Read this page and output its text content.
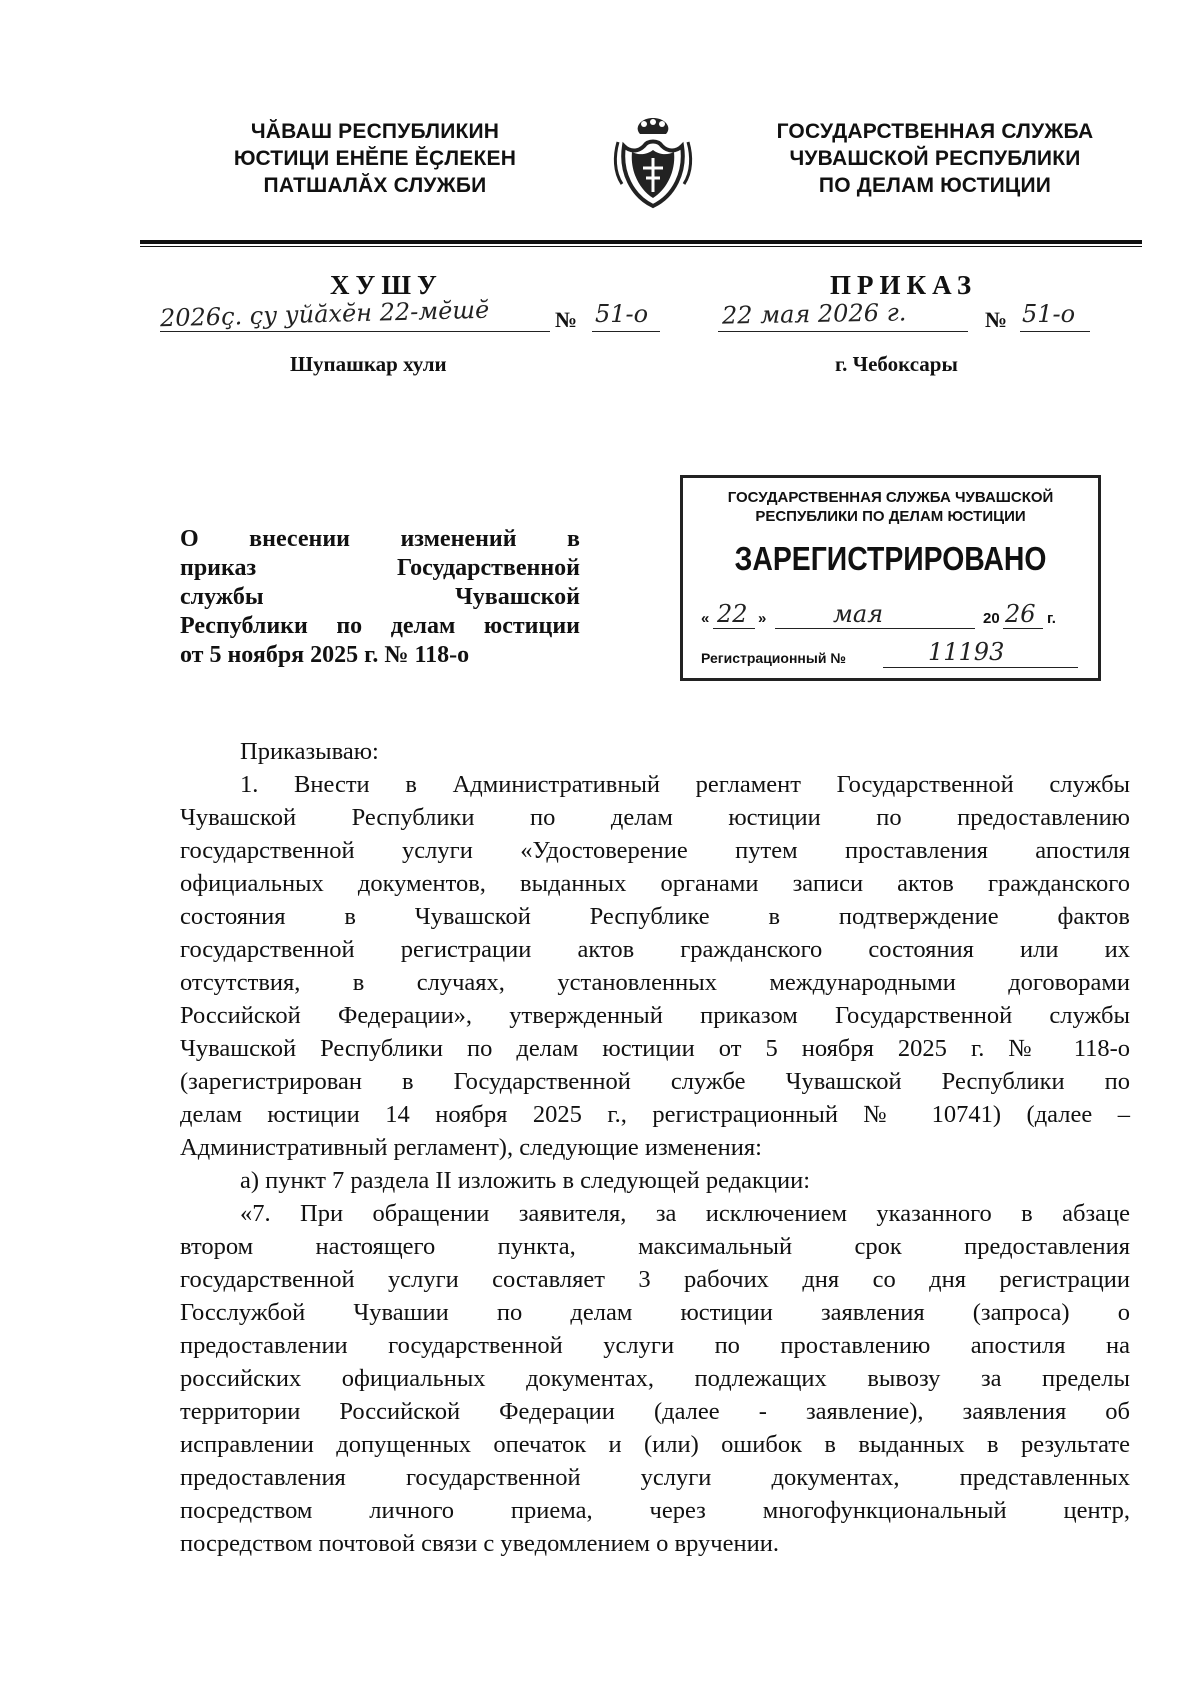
ЧӐВАШ РЕСПУБЛИКИН
ЮСТИЦИ ЕНĔПЕ ĔҪЛЕКЕН
ПАТШАЛĂХ СЛУЖБИ
ГОСУДАРСТВЕННАЯ СЛУЖБА
ЧУВАШСКОЙ РЕСПУБЛИКИ
ПО ДЕЛАМ ЮСТИЦИИ
ХУШУ	ПРИКАЗ
2026ҫ. ҫу уйӑхӗн 22-мӗшӗ	№ 51-о	22 мая 2026 г.	№ 51-о
Шупашкар хули	г. Чебоксары
ГОСУДАРСТВЕННАЯ СЛУЖБА ЧУВАШСКОЙ
РЕСПУБЛИКИ ПО ДЕЛАМ ЮСТИЦИИ
ЗАРЕГИСТРИРОВАНО
« 22 »	мая	20 26 г.
Регистрационный №	11193
О внесении изменений в
приказ Государственной
службы Чувашской
Республики по делам юстиции
от 5 ноября 2025 г. № 118-о
Приказываю:
1. Внести в Административный регламент Государственной службы
Чувашской Республики по делам юстиции по предоставлению
государственной услуги «Удостоверение путем проставления апостиля
официальных документов, выданных органами записи актов гражданского
состояния в Чувашской Республике в подтверждение фактов
государственной регистрации актов гражданского состояния или их
отсутствия, в случаях, установленных международными договорами
Российской Федерации», утвержденный приказом Государственной службы
Чувашской Республики по делам юстиции от 5 ноября 2025 г. № 118-о
(зарегистрирован в Государственной службе Чувашской Республики по
делам юстиции 14 ноября 2025 г., регистрационный № 10741) (далее –
Административный регламент), следующие изменения:
а) пункт 7 раздела II изложить в следующей редакции:
«7. При обращении заявителя, за исключением указанного в абзаце
втором настоящего пункта, максимальный срок предоставления
государственной услуги составляет 3 рабочих дня со дня регистрации
Госслужбой Чувашии по делам юстиции заявления (запроса) о
предоставлении государственной услуги по проставлению апостиля на
российских официальных документах, подлежащих вывозу за пределы
территории Российской Федерации (далее - заявление), заявления об
исправлении допущенных опечаток и (или) ошибок в выданных в результате
предоставления государственной услуги документах, представленных
посредством личного приема, через многофункциональный центр,
посредством почтовой связи с уведомлением о вручении.
